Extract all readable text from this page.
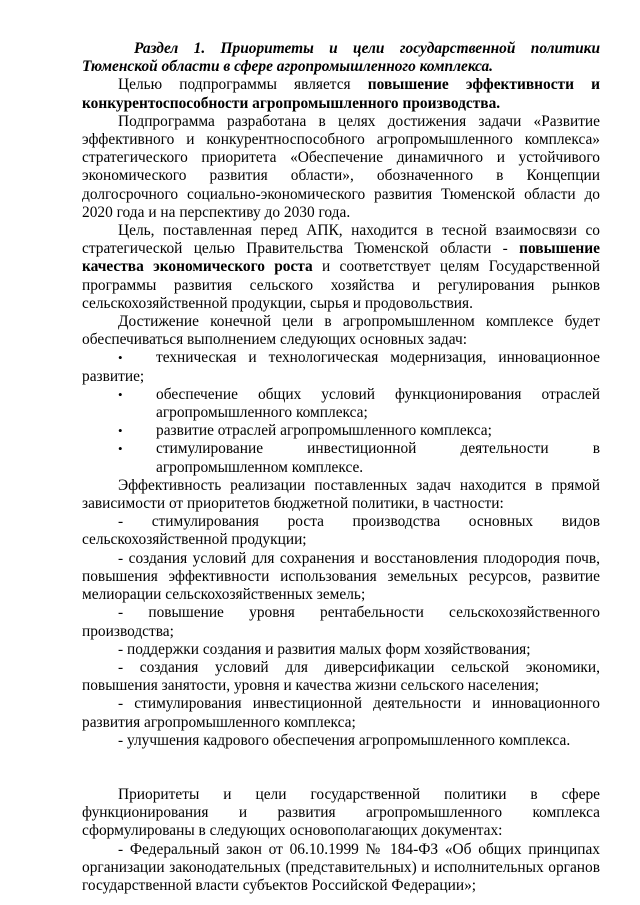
Раздел 1. Приоритеты и цели государственной политики Тюменской области в сфере агропромышленного комплекса.

Целью подпрограммы является повышение эффективности и конкурентоспособности агропромышленного производства.

Подпрограмма разработана в целях достижения задачи «Развитие эффективного и конкурентноспособного агропромышленного комплекса» стратегического приоритета «Обеспечение динамичного и устойчивого экономического развития области», обозначенного в Концепции долгосрочного социально-экономического развития Тюменской области до 2020 года и на перспективу до 2030 года.

Цель, поставленная перед АПК, находится в тесной взаимосвязи со стратегической целью Правительства Тюменской области - повышение качества экономического роста и соответствует целям Государственной программы развития сельского хозяйства и регулирования рынков сельскохозяйственной продукции, сырья и продовольствия.

Достижение конечной цели в агропромышленном комплексе будет обеспечиваться выполнением следующих основных задач:

• техническая и технологическая модернизация, инновационное развитие;
• обеспечение общих условий функционирования отраслей агропромышленного комплекса;
• развитие отраслей агропромышленного комплекса;
• стимулирование инвестиционной деятельности в агропромышленном комплексе.

Эффективность реализации поставленных задач находится в прямой зависимости от приоритетов бюджетной политики, в частности:

- стимулирования роста производства основных видов сельскохозяйственной продукции;

- создания условий для сохранения и восстановления плодородия почв, повышения эффективности использования земельных ресурсов, развитие мелиорации сельскохозяйственных земель;

- повышение уровня рентабельности сельскохозяйственного производства;

- поддержки создания и развития малых форм хозяйствования;

- создания условий для диверсификации сельской экономики, повышения занятости, уровня и качества жизни сельского населения;

- стимулирования инвестиционной деятельности и инновационного развития агропромышленного комплекса;

- улучшения кадрового обеспечения агропромышленного комплекса.

Приоритеты и цели государственной политики в сфере функционирования и развития агропромышленного комплекса сформулированы в следующих основополагающих документах:

- Федеральный закон от 06.10.1999 № 184-ФЗ «Об общих принципах организации законодательных (представительных) и исполнительных органов государственной власти субъектов Российской Федерации»;
